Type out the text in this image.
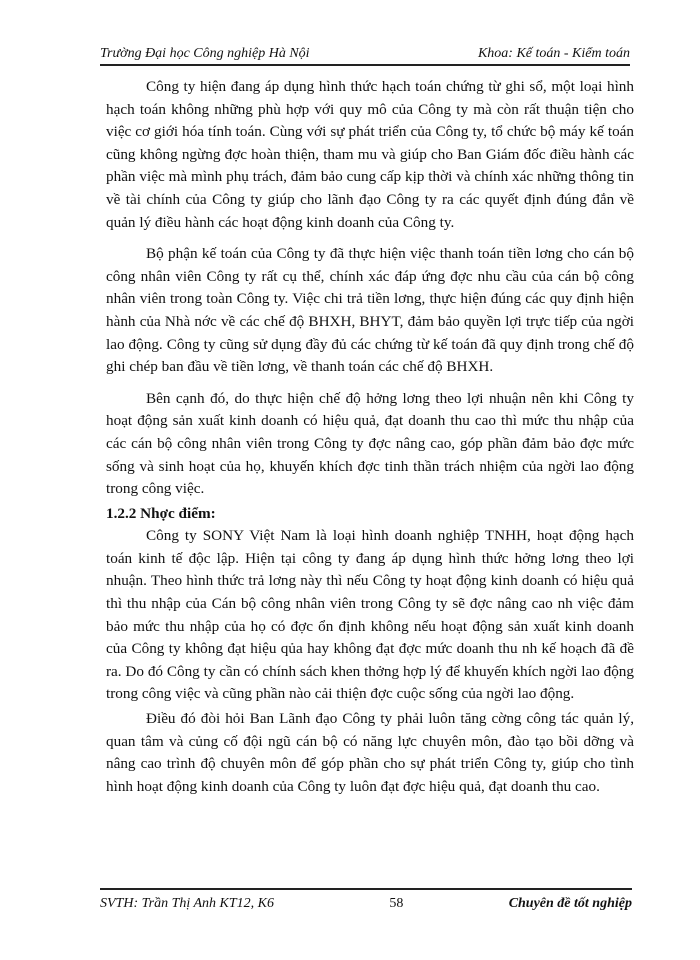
Trường Đại học Công nghiệp Hà Nội	Khoa: Kế toán - Kiểm toán

Công ty hiện đang áp dụng hình thức hạch toán chứng từ ghi sổ, một loại hình hạch toán không những phù hợp với quy mô của Công ty mà còn rất thuận tiện cho việc cơ giới hóa tính toán. Cùng với sự phát triển của Công ty, tổ chức bộ máy kế toán cũng không ngừng đợc hoàn thiện, tham mu và giúp cho Ban Giám đốc điều hành các phần việc mà mình phụ trách, đảm bảo cung cấp kịp thời và chính xác những thông tin về tài chính của Công ty giúp cho lãnh đạo Công ty ra các quyết định đúng đắn về quản lý điều hành các hoạt động kinh doanh của Công ty.

Bộ phận kế toán của Công ty đã thực hiện việc thanh toán tiền lơng cho cán bộ công nhân viên Công ty rất cụ thể, chính xác đáp ứng đợc nhu cầu của cán bộ công nhân viên trong toàn Công ty. Việc chi trả tiền lơng, thực hiện đúng các quy định hiện hành của Nhà nớc về các chế độ BHXH, BHYT, đảm bảo quyền lợi trực tiếp của ngời lao động. Công ty cũng sử dụng đầy đủ các chứng từ kế toán đã quy định trong chế độ ghi chép ban đầu về tiền lơng, về thanh toán các chế độ BHXH.

Bên cạnh đó, do thực hiện chế độ hởng lơng theo lợi nhuận nên khi Công ty hoạt động sản xuất kinh doanh có hiệu quả, đạt doanh thu cao thì mức thu nhập của các cán bộ công nhân viên trong Công ty đợc nâng cao, góp phần đảm bảo đợc mức sống và sinh hoạt của họ, khuyến khích đợc tinh thần trách nhiệm của ngời lao động trong công việc.

1.2.2 Nhợc điểm:

Công ty SONY Việt Nam là loại hình doanh nghiệp TNHH, hoạt động hạch toán kinh tế độc lập. Hiện tại công ty đang áp dụng hình thức hởng lơng theo lợi nhuận. Theo hình thức trả lơng này thì nếu Công ty hoạt động kinh doanh có hiệu quả thì thu nhập của Cán bộ công nhân viên trong Công ty sẽ đợc nâng cao nh việc đảm bảo mức thu nhập của họ có đợc ổn định không nếu hoạt động sản xuất kinh doanh của Công ty không đạt hiệu qủa hay không đạt đợc mức doanh thu nh kế hoạch đã đề ra. Do đó Công ty cần có chính sách khen thởng hợp lý để khuyến khích ngời lao động trong công việc và cũng phần nào cải thiện đợc cuộc sống của ngời lao động.

Điều đó đòi hỏi Ban Lãnh đạo Công ty phải luôn tăng cờng công tác quản lý, quan tâm và củng cố đội ngũ cán bộ có năng lực chuyên môn, đào tạo bồi dỡng và nâng cao trình độ chuyên môn để góp phần cho sự phát triển Công ty, giúp cho tình hình hoạt động kinh doanh của Công ty luôn đạt đợc hiệu quả, đạt doanh thu cao.

SVTH: Trần Thị Anh KT12, K6	58	Chuyên đề tốt nghiệp
